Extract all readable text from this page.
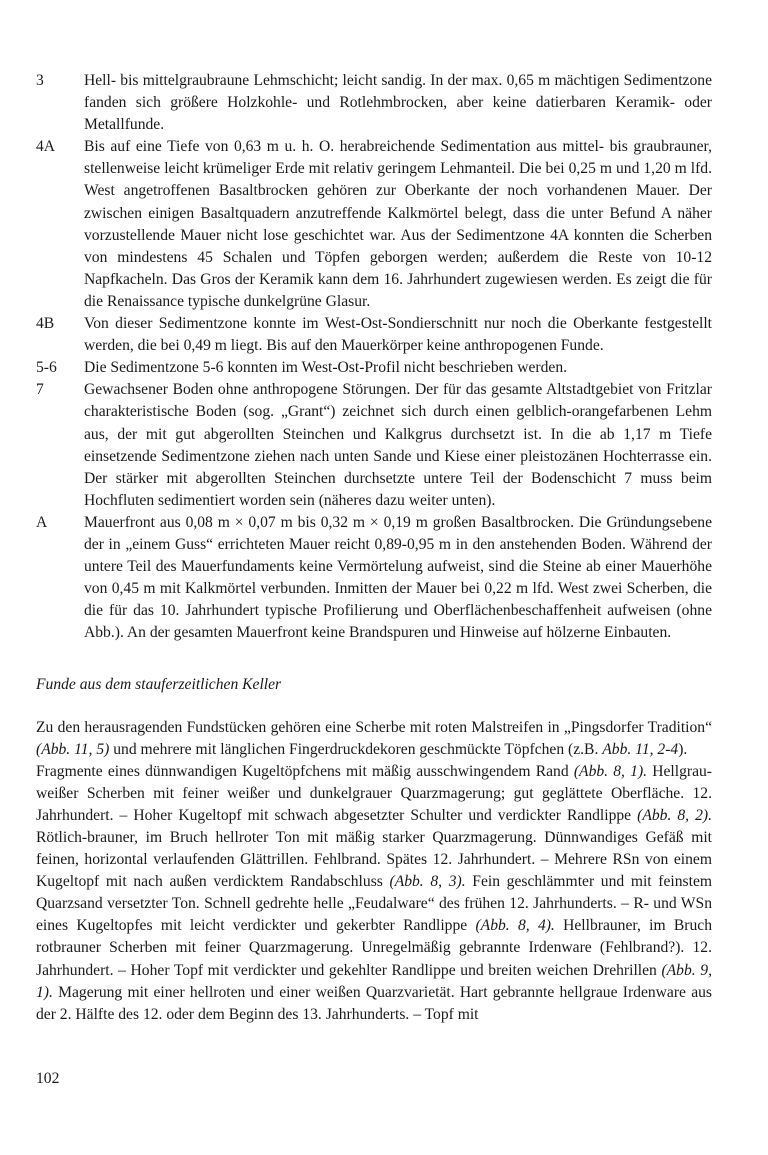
3	Hell- bis mittelgraubraune Lehmschicht; leicht sandig. In der max. 0,65 m mächtigen Sedimentzone fanden sich größere Holzkohle- und Rotlehmbrocken, aber keine datierbaren Keramik- oder Metallfunde.
4A	Bis auf eine Tiefe von 0,63 m u. h. O. herabreichende Sedimentation aus mittel- bis graubrauner, stellenweise leicht krümeliger Erde mit relativ geringem Lehmanteil. Die bei 0,25 m und 1,20 m lfd. West angetroffenen Basaltbrocken gehören zur Oberkante der noch vorhandenen Mauer. Der zwischen einigen Basaltquadern anzutreffende Kalkmörtel belegt, dass die unter Befund A näher vorzustellende Mauer nicht lose geschichtet war. Aus der Sedimentzone 4A konnten die Scherben von mindestens 45 Schalen und Töpfen geborgen werden; außerdem die Reste von 10-12 Napfkacheln. Das Gros der Keramik kann dem 16. Jahrhundert zugewiesen werden. Es zeigt die für die Renaissance typische dunkelgrüne Glasur.
4B	Von dieser Sedimentzone konnte im West-Ost-Sondierschnitt nur noch die Oberkante festgestellt werden, die bei 0,49 m liegt. Bis auf den Mauerkörper keine anthropogenen Funde.
5-6	Die Sedimentzone 5-6 konnten im West-Ost-Profil nicht beschrieben werden.
7	Gewachsener Boden ohne anthropogene Störungen. Der für das gesamte Altstadtgebiet von Fritzlar charakteristische Boden (sog. „Grant“) zeichnet sich durch einen gelblich-orangefarbenen Lehm aus, der mit gut abgerollten Steinchen und Kalkgrus durchsetzt ist. In die ab 1,17 m Tiefe einsetzende Sedimentzone ziehen nach unten Sande und Kiese einer pleistozänen Hochterrasse ein. Der stärker mit abgerollten Steinchen durchsetzte untere Teil der Bodenschicht 7 muss beim Hochfluten sedimentiert worden sein (näheres dazu weiter unten).
A	Mauerfront aus 0,08 m × 0,07 m bis 0,32 m × 0,19 m großen Basaltbrocken. Die Gründungsebene der in „einem Guss“ errichteten Mauer reicht 0,89-0,95 m in den anstehenden Boden. Während der untere Teil des Mauerfundaments keine Vermörtelung aufweist, sind die Steine ab einer Mauerhöhe von 0,45 m mit Kalkmörtel verbunden. Inmitten der Mauer bei 0,22 m lfd. West zwei Scherben, die die für das 10. Jahrhundert typische Profilierung und Oberflächenbeschaffenheit aufweisen (ohne Abb.). An der gesamten Mauerfront keine Brandspuren und Hinweise auf hölzerne Einbauten.
Funde aus dem stauferzeitlichen Keller

Zu den herausragenden Fundstücken gehören eine Scherbe mit roten Malstreifen in „Pingsdorfer Tradition“ (Abb. 11, 5) und mehrere mit länglichen Fingerdruckdekoren geschmückte Töpfchen (z.B. Abb. 11, 2-4).

Fragmente eines dünnwandigen Kugeltöpfchens mit mäßig ausschwingendem Rand (Abb. 8, 1). Hellgrau-weißer Scherben mit feiner weißer und dunkelgrauer Quarzmagerung; gut geglättete Oberfläche. 12. Jahrhundert. – Hoher Kugeltopf mit schwach abgesetzter Schulter und verdickter Randlippe (Abb. 8, 2). Rötlich-brauner, im Bruch hellroter Ton mit mäßig starker Quarzmagerung. Dünnwandiges Gefäß mit feinen, horizontal verlaufenden Glättrillen. Fehlbrand. Spätes 12. Jahrhundert. – Mehrere RSn von einem Kugeltopf mit nach außen verdicktem Randabschluss (Abb. 8, 3). Fein geschlämmter und mit feinstem Quarzsand versetzter Ton. Schnell gedrehte helle „Feudalware“ des frühen 12. Jahrhunderts. – R- und WSn eines Kugeltopfes mit leicht verdickter und gekerbter Randlippe (Abb. 8, 4). Hellbrauner, im Bruch rotbrauner Scherben mit feiner Quarzmagerung. Unregelmäßig gebrannte Irdenware (Fehlbrand?). 12. Jahrhundert. – Hoher Topf mit verdickter und gekehlter Randlippe und breiten weichen Drehrillen (Abb. 9, 1). Magerung mit einer hellroten und einer weißen Quarzvarietät. Hart gebrannte hellgraue Irdenware aus der 2. Hälfte des 12. oder dem Beginn des 13. Jahrhunderts. – Topf mit

102
